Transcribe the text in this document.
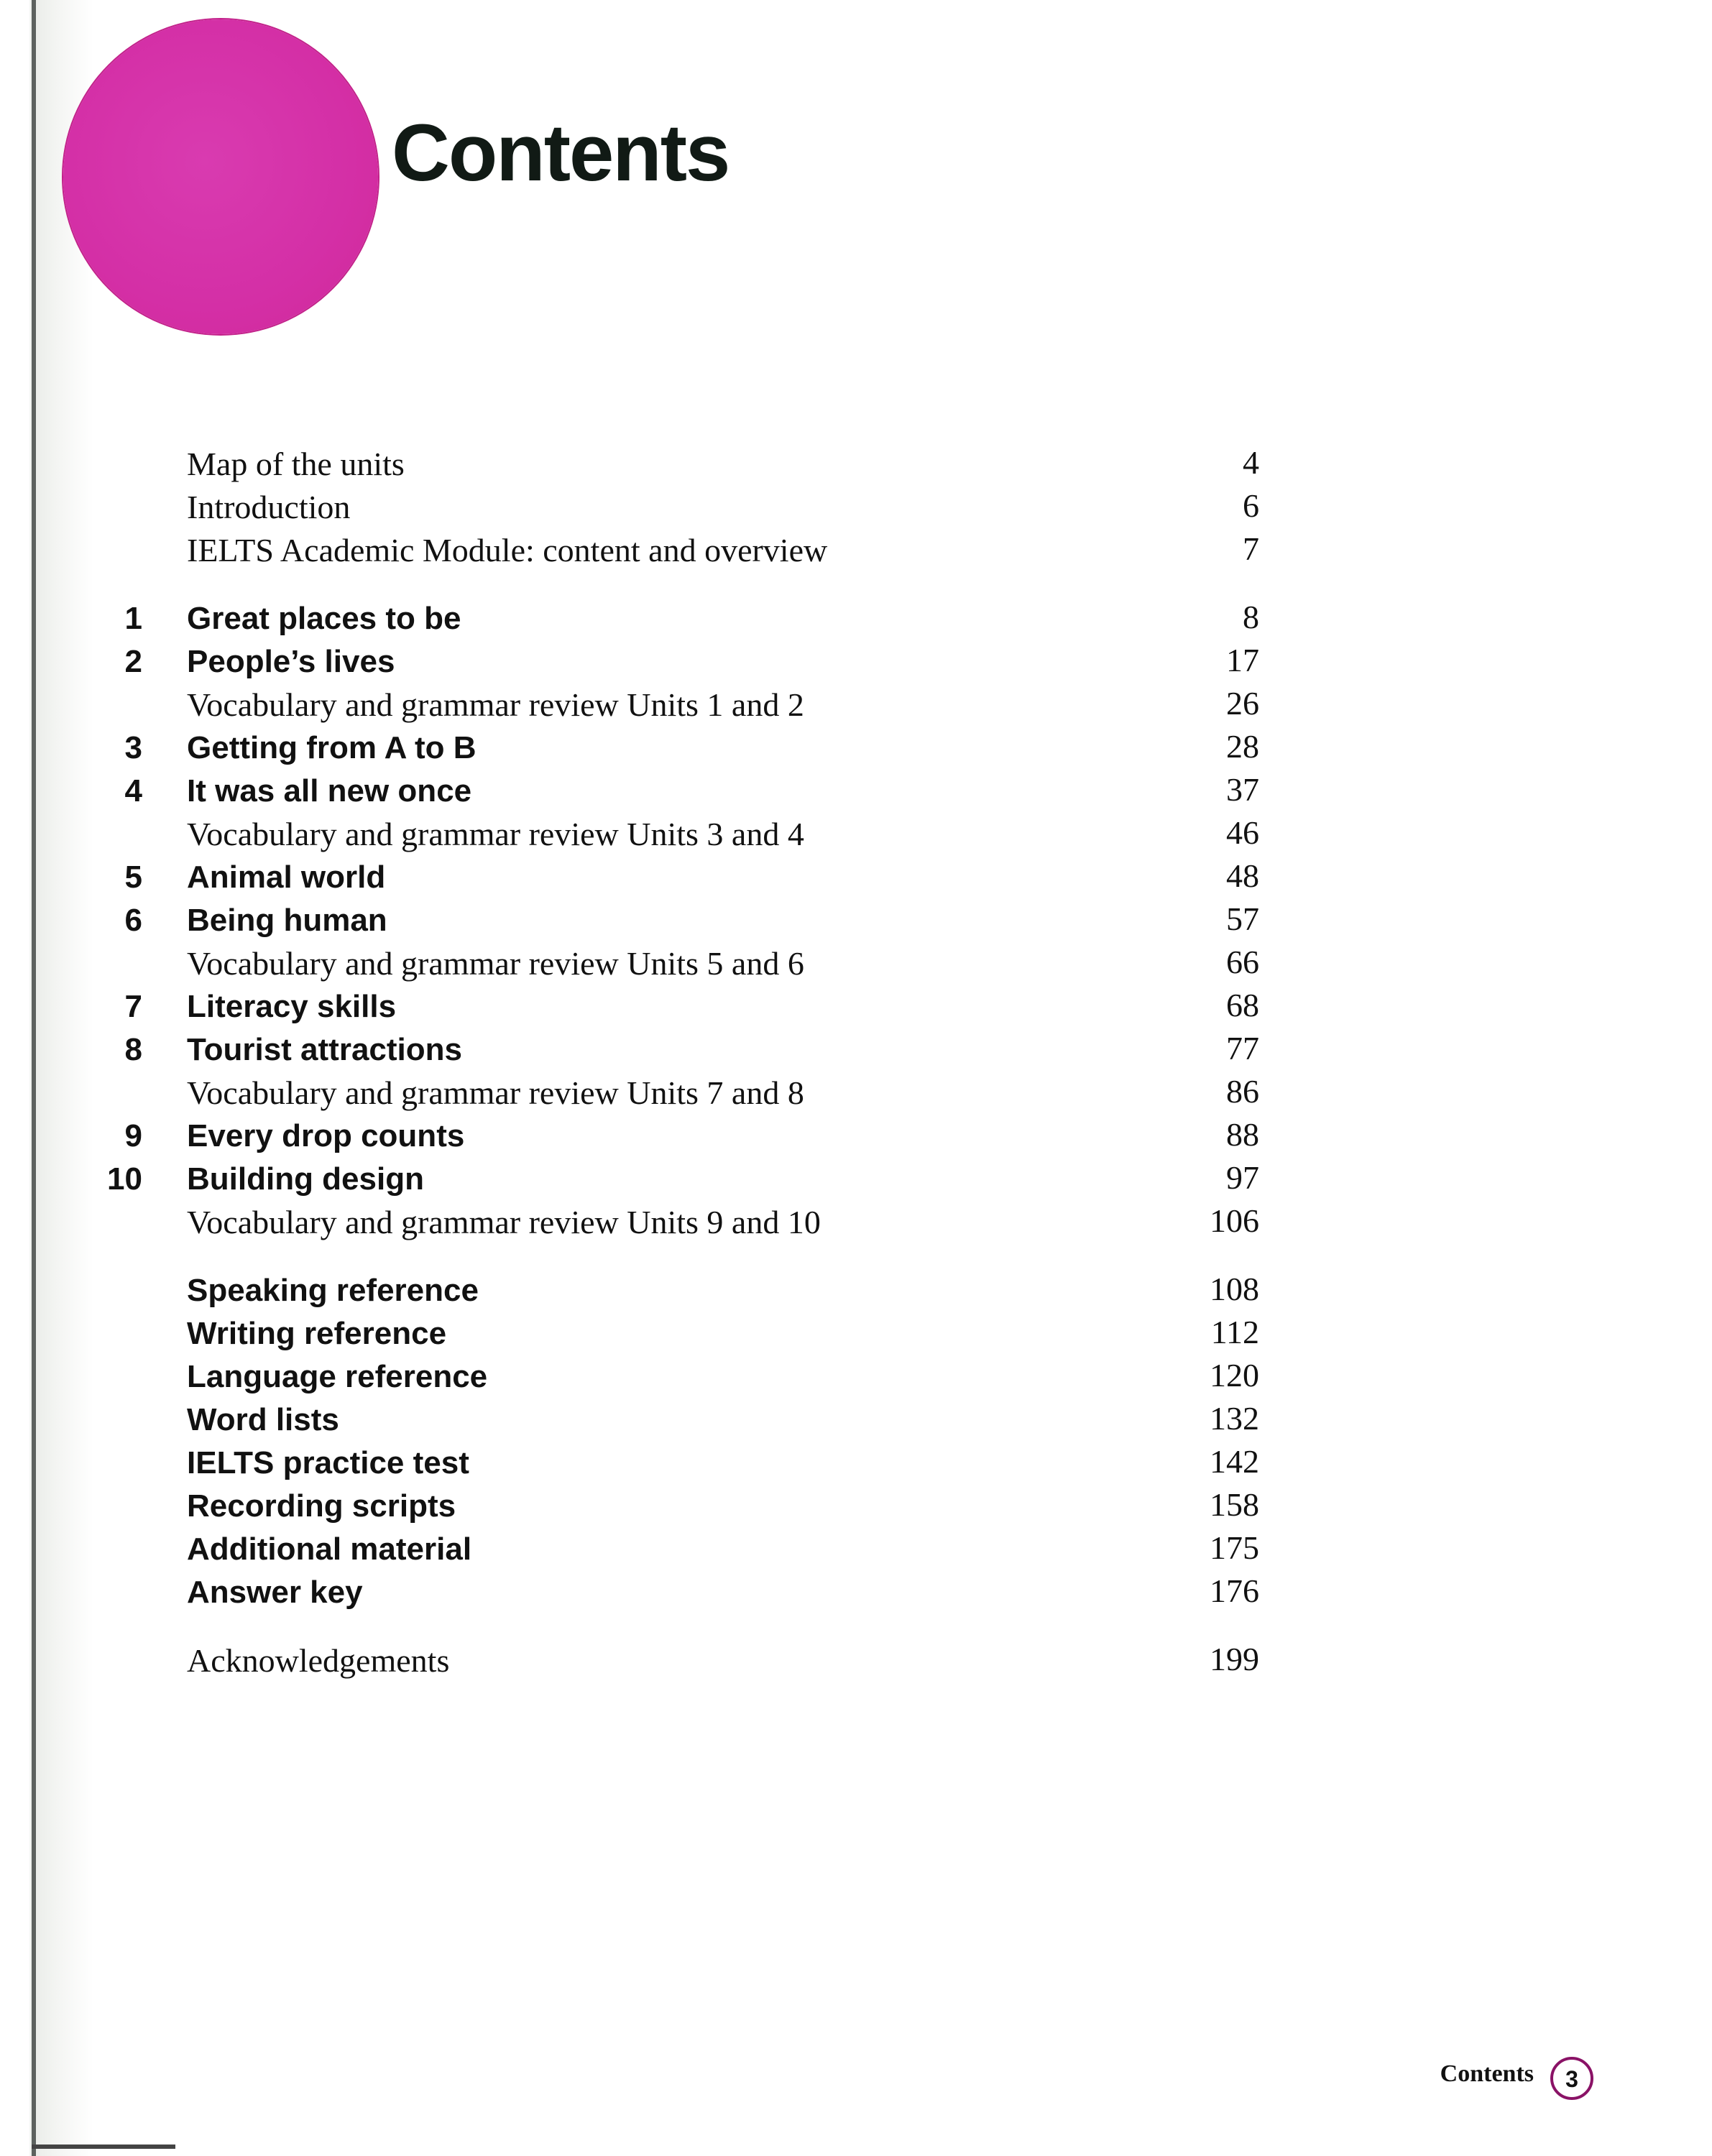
Contents
Map of the units	4
Introduction	6
IELTS Academic Module: content and overview	7
1 Great places to be	8
2 People’s lives	17
Vocabulary and grammar review Units 1 and 2	26
3 Getting from A to B	28
4 It was all new once	37
Vocabulary and grammar review Units 3 and 4	46
5 Animal world	48
6 Being human	57
Vocabulary and grammar review Units 5 and 6	66
7 Literacy skills	68
8 Tourist attractions	77
Vocabulary and grammar review Units 7 and 8	86
9 Every drop counts	88
10 Building design	97
Vocabulary and grammar review Units 9 and 10	106
Speaking reference	108
Writing reference	112
Language reference	120
Word lists	132
IELTS practice test	142
Recording scripts	158
Additional material	175
Answer key	176
Acknowledgements	199
Contents	3
